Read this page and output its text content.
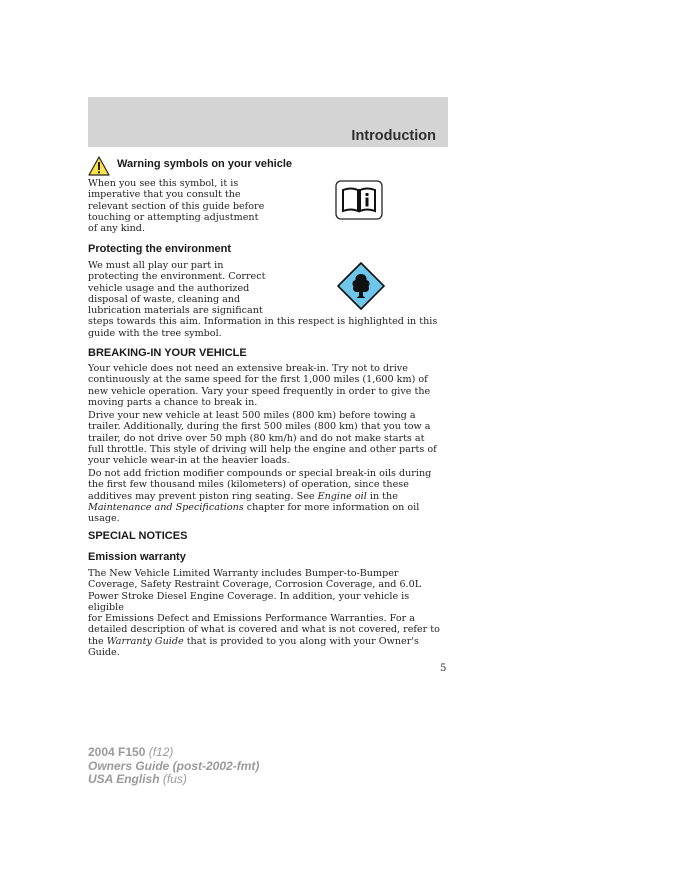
Introduction
Warning symbols on your vehicle

When you see this symbol, it is

imperative that you consult the

relevant section of this guide before

touching or attempting adjustment

of any kind.

Protecting the environment

We must all play our part in

protecting the environment. Correct

vehicle usage and the authorized

disposal of waste, cleaning and

lubrication materials are significant

steps towards this aim. Information in this respect is highlighted in this

guide with the tree symbol.

BREAKING-IN YOUR VEHICLE

Your vehicle does not need an extensive break-in. Try not to drive

continuously at the same speed for the first 1,000 miles (1,600 km) of

new vehicle operation. Vary your speed frequently in order to give the

moving parts a chance to break in.

Drive your new vehicle at least 500 miles (800 km) before towing a

trailer. Additionally, during the first 500 miles (800 km) that you tow a

trailer, do not drive over 50 mph (80 km/h) and do not make starts at

full throttle. This style of driving will help the engine and other parts of

your vehicle wear-in at the heavier loads.

Do not add friction modifier compounds or special break-in oils during

the first few thousand miles (kilometers) of operation, since these

additives may prevent piston ring seating. See Engine oil in the

Maintenance and Specifications chapter for more information on oil

usage.

SPECIAL NOTICES
Emission warranty

The New Vehicle Limited Warranty includes Bumper-to-Bumper

Coverage, Safety Restraint Coverage, Corrosion Coverage, and 6.0L

Power Stroke Diesel Engine Coverage. In addition, your vehicle is eligible

for Emissions Defect and Emissions Performance Warranties. For a

detailed description of what is covered and what is not covered, refer to

the Warranty Guide that is provided to you along with your Owner's

Guide.

5
2004 F150 (f12)
Owners Guide (post-2002-fmt)
USA English (fus)
